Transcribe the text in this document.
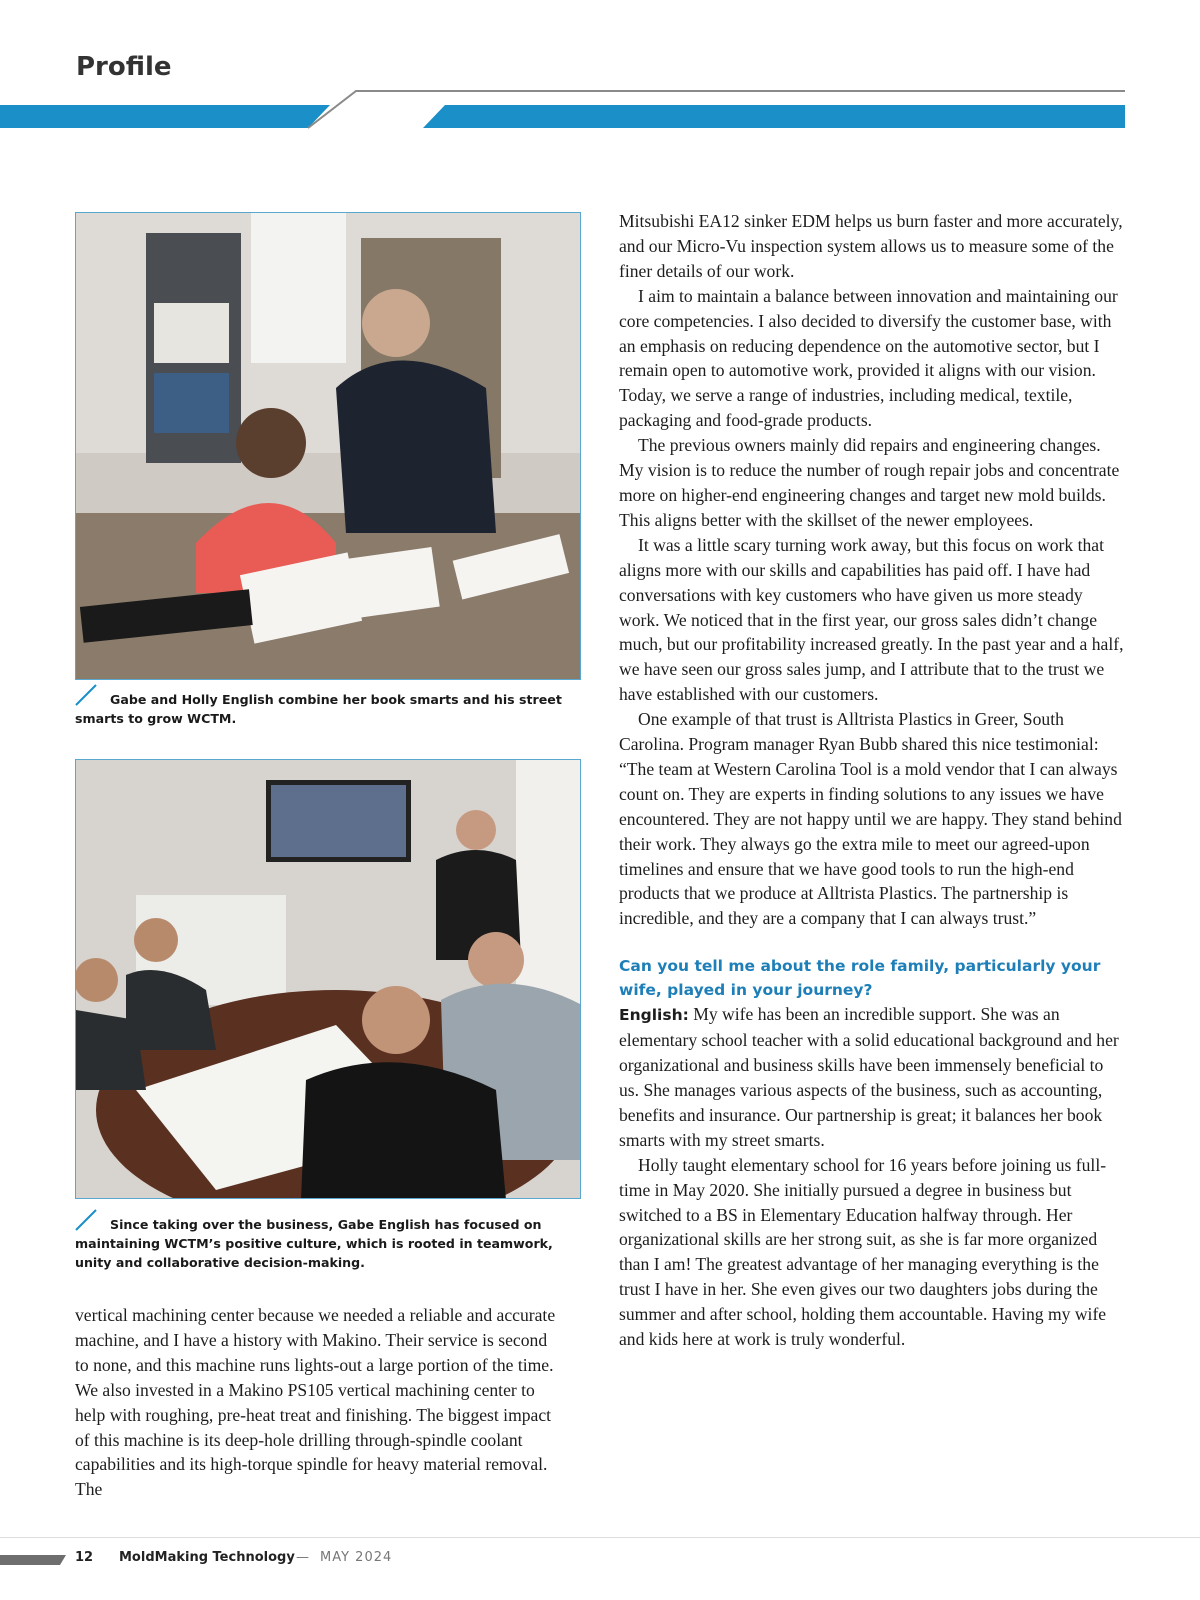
Profile
Gabe and Holly English combine her book smarts and his street smarts to grow WCTM.
Since taking over the business, Gabe English has focused on maintaining WCTM’s positive culture, which is rooted in teamwork, unity and collaborative decision-making.

vertical machining center because we needed a reliable and accurate machine, and I have a history with Makino. Their service is second to none, and this machine runs lights-out a large portion of the time. We also invested in a Makino PS105 vertical machining center to help with roughing, pre-heat treat and finishing. The biggest impact of this machine is its deep-hole drilling through-spindle coolant capabilities and its high-torque spindle for heavy material removal. The

Mitsubishi EA12 sinker EDM helps us burn faster and more accurately, and our Micro-Vu inspection system allows us to measure some of the finer details of our work.

I aim to maintain a balance between innovation and maintaining our core competencies. I also decided to diversify the customer base, with an emphasis on reducing dependence on the automotive sector, but I remain open to automotive work, provided it aligns with our vision. Today, we serve a range of industries, including medical, textile, packaging and food-grade products.

The previous owners mainly did repairs and engineering changes. My vision is to reduce the number of rough repair jobs and concentrate more on higher-end engineering changes and target new mold builds. This aligns better with the skillset of the newer employees.

It was a little scary turning work away, but this focus on work that aligns more with our skills and capabilities has paid off. I have had conversations with key customers who have given us more steady work. We noticed that in the first year, our gross sales didn’t change much, but our profitability increased greatly. In the past year and a half, we have seen our gross sales jump, and I attribute that to the trust we have established with our customers.

One example of that trust is Alltrista Plastics in Greer, South Carolina. Program manager Ryan Bubb shared this nice testimonial: “The team at Western Carolina Tool is a mold vendor that I can always count on. They are experts in finding solutions to any issues we have encountered. They are not happy until we are happy. They stand behind their work. They always go the extra mile to meet our agreed-upon timelines and ensure that we have good tools to run the high-end products that we produce at Alltrista Plastics. The partnership is incredible, and they are a company that I can always trust.”

Can you tell me about the role family, particularly your wife, played in your journey?

English: My wife has been an incredible support. She was an elementary school teacher with a solid educational background and her organizational and business skills have been immensely beneficial to us. She manages various aspects of the business, such as accounting, benefits and insurance. Our partnership is great; it balances her book smarts with my street smarts.

Holly taught elementary school for 16 years before joining us full-time in May 2020. She initially pursued a degree in business but switched to a BS in Elementary Education halfway through. Her organizational skills are her strong suit, as she is far more organized than I am! The greatest advantage of her managing everything is the trust I have in her. She even gives our two daughters jobs during the summer and after school, holding them accountable. Having my wife and kids here at work is truly wonderful.

12 MoldMaking Technology — MAY 2024
